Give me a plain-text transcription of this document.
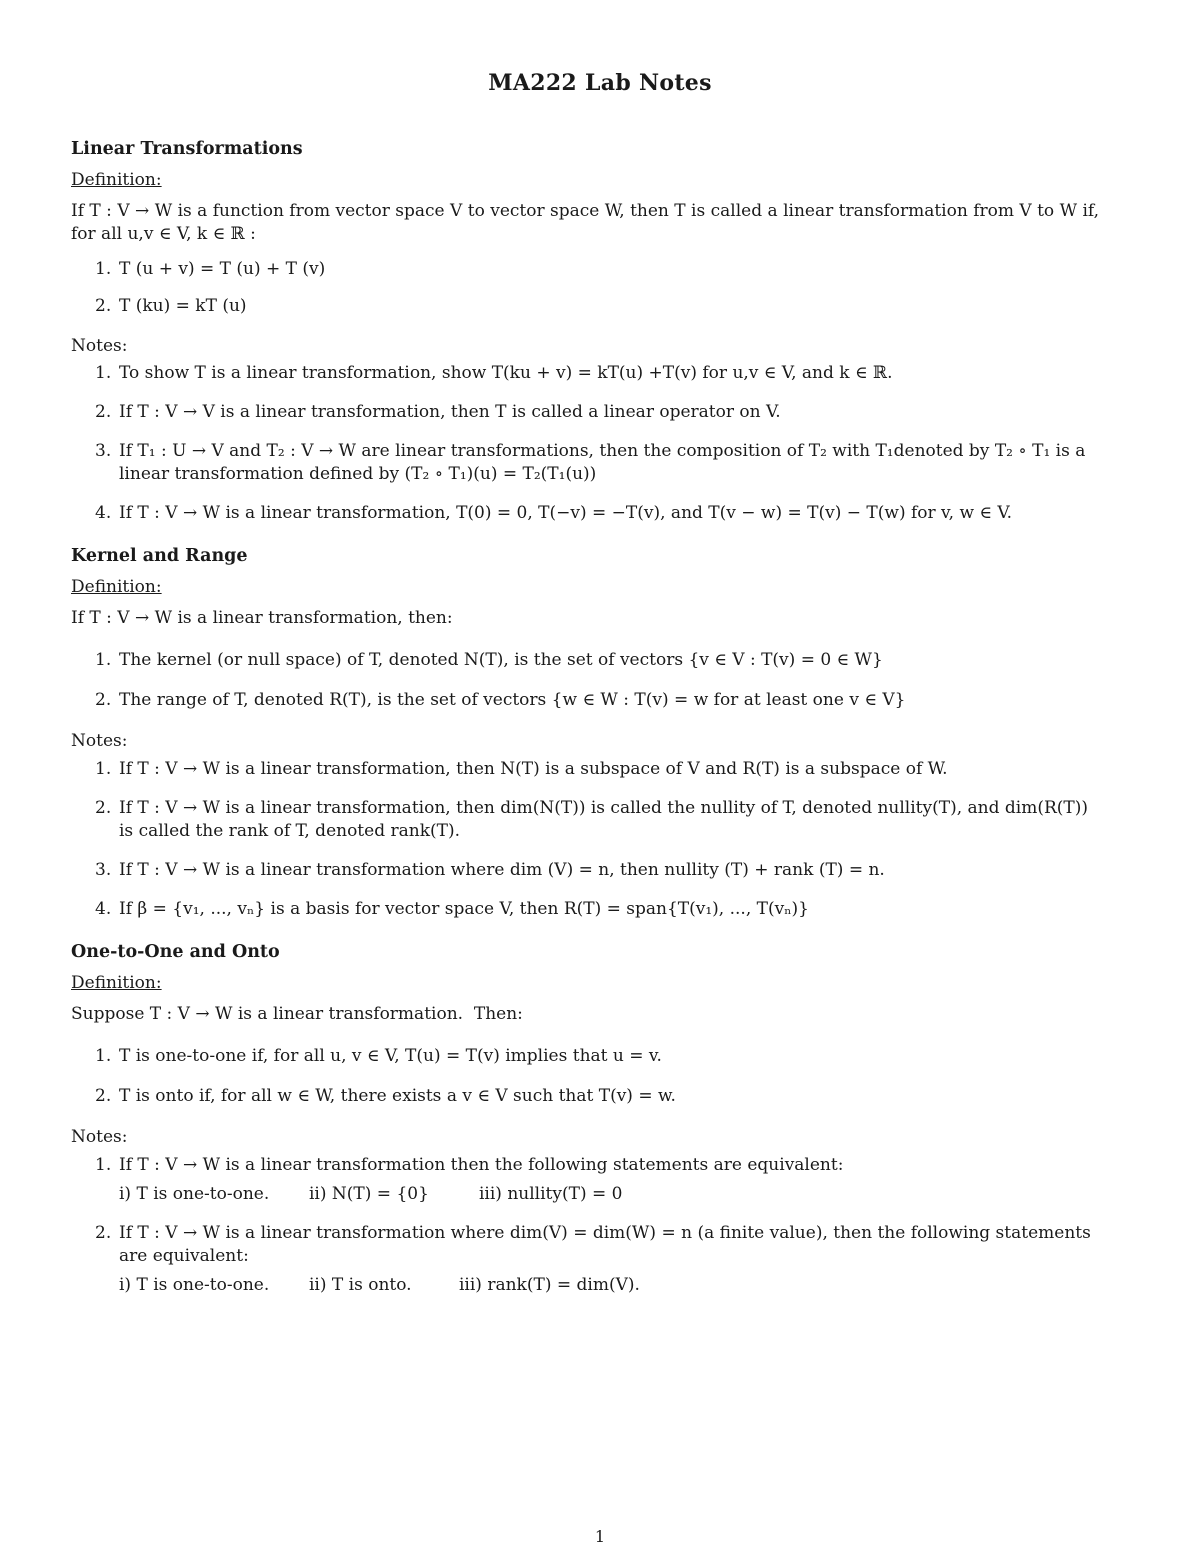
MA222 Lab Notes
Linear Transformations
Definition:
If T : V → W is a function from vector space V to vector space W, then T is called a linear transformation from V to W if, for all u,v ∈ V, k ∈ ℝ :
1. T (u + v) = T (u) + T (v)
2. T (ku) = kT (u)
Notes:
1. To show T is a linear transformation, show T(ku + v) = kT(u) +T(v) for u,v ∈ V, and k ∈ ℝ.
2. If T : V → V is a linear transformation, then T is called a linear operator on V.
3. If T₁ : U → V and T₂ : V → W are linear transformations, then the composition of T₂ with T₁denoted by T₂ ∘ T₁ is a linear transformation defined by (T₂ ∘ T₁)(u) = T₂(T₁(u))
4. If T : V → W is a linear transformation, T(0) = 0, T(−v) = −T(v), and T(v − w) = T(v) − T(w) for v, w ∈ V.
Kernel and Range
Definition:
If T : V → W is a linear transformation, then:
1. The kernel (or null space) of T, denoted N(T), is the set of vectors {v ∈ V : T(v) = 0 ∈ W}
2. The range of T, denoted R(T), is the set of vectors {w ∈ W : T(v) = w for at least one v ∈ V}
Notes:
1. If T : V → W is a linear transformation, then N(T) is a subspace of V and R(T) is a subspace of W.
2. If T : V → W is a linear transformation, then dim(N(T)) is called the nullity of T, denoted nullity(T), and dim(R(T)) is called the rank of T, denoted rank(T).
3. If T : V → W is a linear transformation where dim (V) = n, then nullity (T) + rank (T) = n.
4. If β = {v₁, ..., vₙ} is a basis for vector space V, then R(T) = span{T(v₁), ..., T(vₙ)}
One-to-One and Onto
Definition:
Suppose T : V → W is a linear transformation.  Then:
1. T is one-to-one if, for all u, v ∈ V, T(u) = T(v) implies that u = v.
2. T is onto if, for all w ∈ W, there exists a v ∈ V such that T(v) = w.
Notes:
1. If T : V → W is a linear transformation then the following statements are equivalent:
i) T is one-to-one. ii) N(T) = {0}	iii) nullity(T) = 0
2. If T : V → W is a linear transformation where dim(V) = dim(W) = n (a finite value), then the following statements are equivalent:
i) T is one-to-one. ii) T is onto.	iii) rank(T) = dim(V).
1
